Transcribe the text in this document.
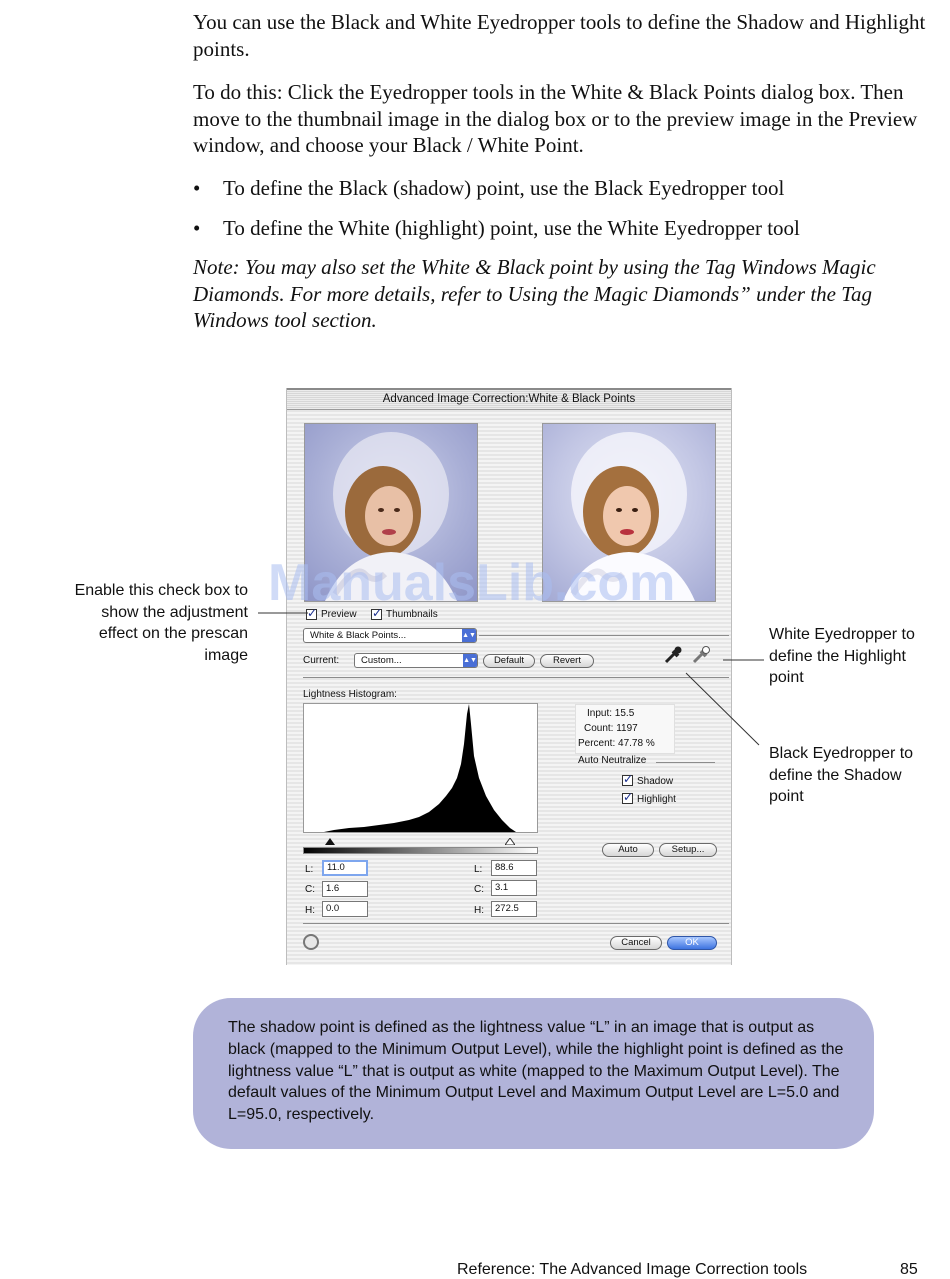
You can use the Black and White Eyedropper tools to define the Shadow and Highlight points.

To do this: Click the Eyedropper tools in the White & Black Points dialog box. Then move to the thumbnail image in the dialog box or to the preview image in the Preview window, and choose your Black / White Point.

• To define the Black (shadow) point, use the Black Eyedropper tool
• To define the White (highlight) point, use the White Eyedropper tool

Note: You may also set the White & Black point by using the Tag Windows Magic Diamonds. For more details, refer to Using the Magic Diamonds” under the Tag Windows tool section.

Enable this check box to show the adjustment effect on the prescan image
White Eyedropper to define the Highlight point
Black Eyedropper to define the Shadow point
Advanced Image Correction:White & Black Points
✓
Preview
✓	Thumbnails
White & Black Points...	▲▼
Current:	Custom...	▲▼	Default	Revert
Lightness Histogram:
Input: 15.5
Count: 1197
Percent: 47.78 %
Auto Neutralize
✓
Shadow
✓
Highlight
Auto	Setup...
L:	11.0
C:	1.6
H:	0.0
L:	88.6
C:	3.1
H:	272.5
Cancel	OK
ManualsLib.com

The shadow point is defined as the lightness value “L” in an image that is output as black (mapped to the Minimum Output Level), while the highlight point is defined as the lightness value “L” that is output as white (mapped to the Maximum Output Level). The default values of the Minimum Output Level and Maximum Output Level are L=5.0 and L=95.0, respectively.

Reference: The Advanced Image Correction tools	85
